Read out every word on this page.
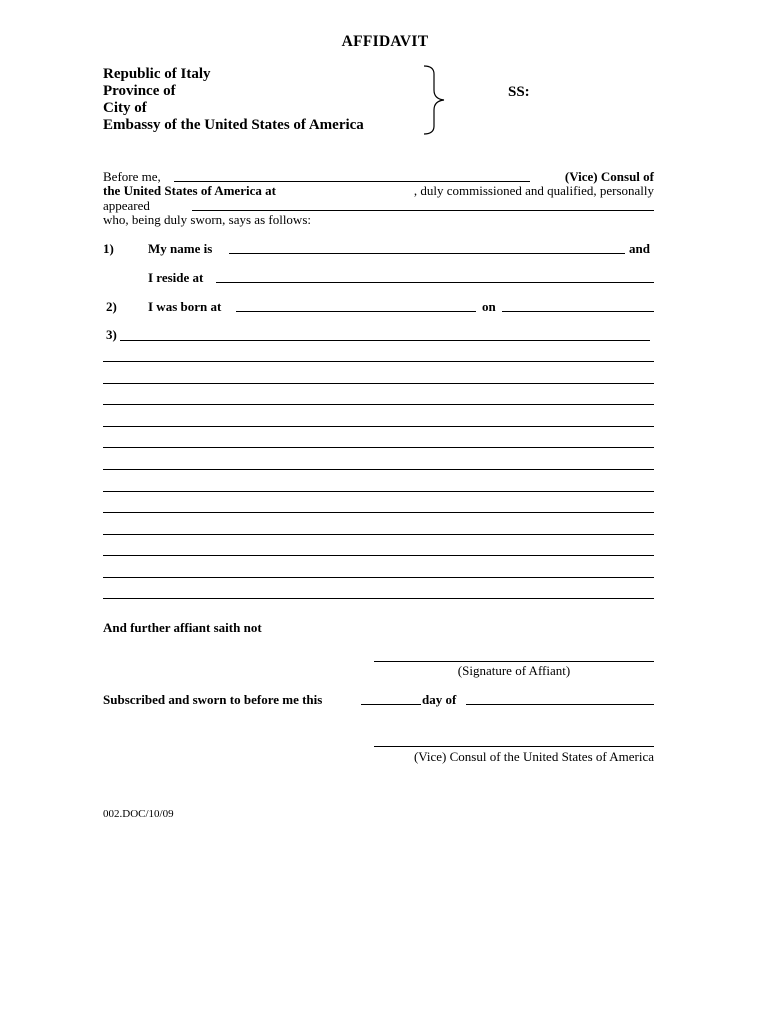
AFFIDAVIT
Republic of Italy
Province of
City of
Embassy of the United States of America
SS:
Before me,	(Vice) Consul of
the United States of America at	, duly commissioned and qualified, personally
appeared
who, being duly sworn, says as follows:
1)	My name is	and
I reside at
2) I was born at	on
3)
And further affiant saith not
(Signature of Affiant)
Subscribed and sworn to before me this	day of
(Vice) Consul of the United States of America
002.DOC/10/09
